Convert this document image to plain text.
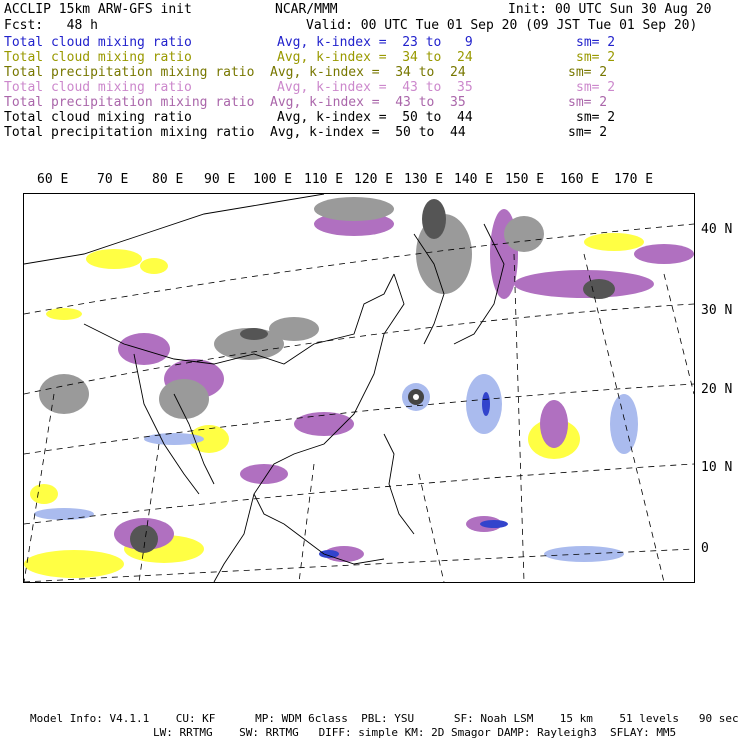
ACCLIP 15km ARW-GFS init	NCAR/MMM	Init: 00 UTC Sun 30 Aug 20
Fcst:   48 h	Valid: 00 UTC Tue 01 Sep 20 (09 JST Tue 01 Sep 20)
Total cloud mixing ratio	Avg, k-index =  23 to   9	sm= 2
Total cloud mixing ratio	Avg, k-index =  34 to  24	sm= 2
Total precipitation mixing ratio Avg, k-index =  34 to  24	sm= 2
Total cloud mixing ratio	Avg, k-index =  43 to  35	sm= 2
Total precipitation mixing ratio Avg, k-index =  43 to  35	sm= 2
Total cloud mixing ratio	Avg, k-index =  50 to  44	sm= 2
Total precipitation mixing ratio Avg, k-index =  50 to  44	sm= 2
60 E 70 E 80 E 90 E 100 E 110 E 120 E 130 E 140 E 150 E 160 E 170 E
40 N
30 N
20 N
10 N
0
Model Info: V4.1.1    CU: KF      MP: WDM 6class  PBL: YSU      SF: Noah LSM    15 km    51 levels   90 sec
LW: RRTMG    SW: RRTMG   DIFF: simple KM: 2D Smagor DAMP: Rayleigh3  SFLAY: MM5
